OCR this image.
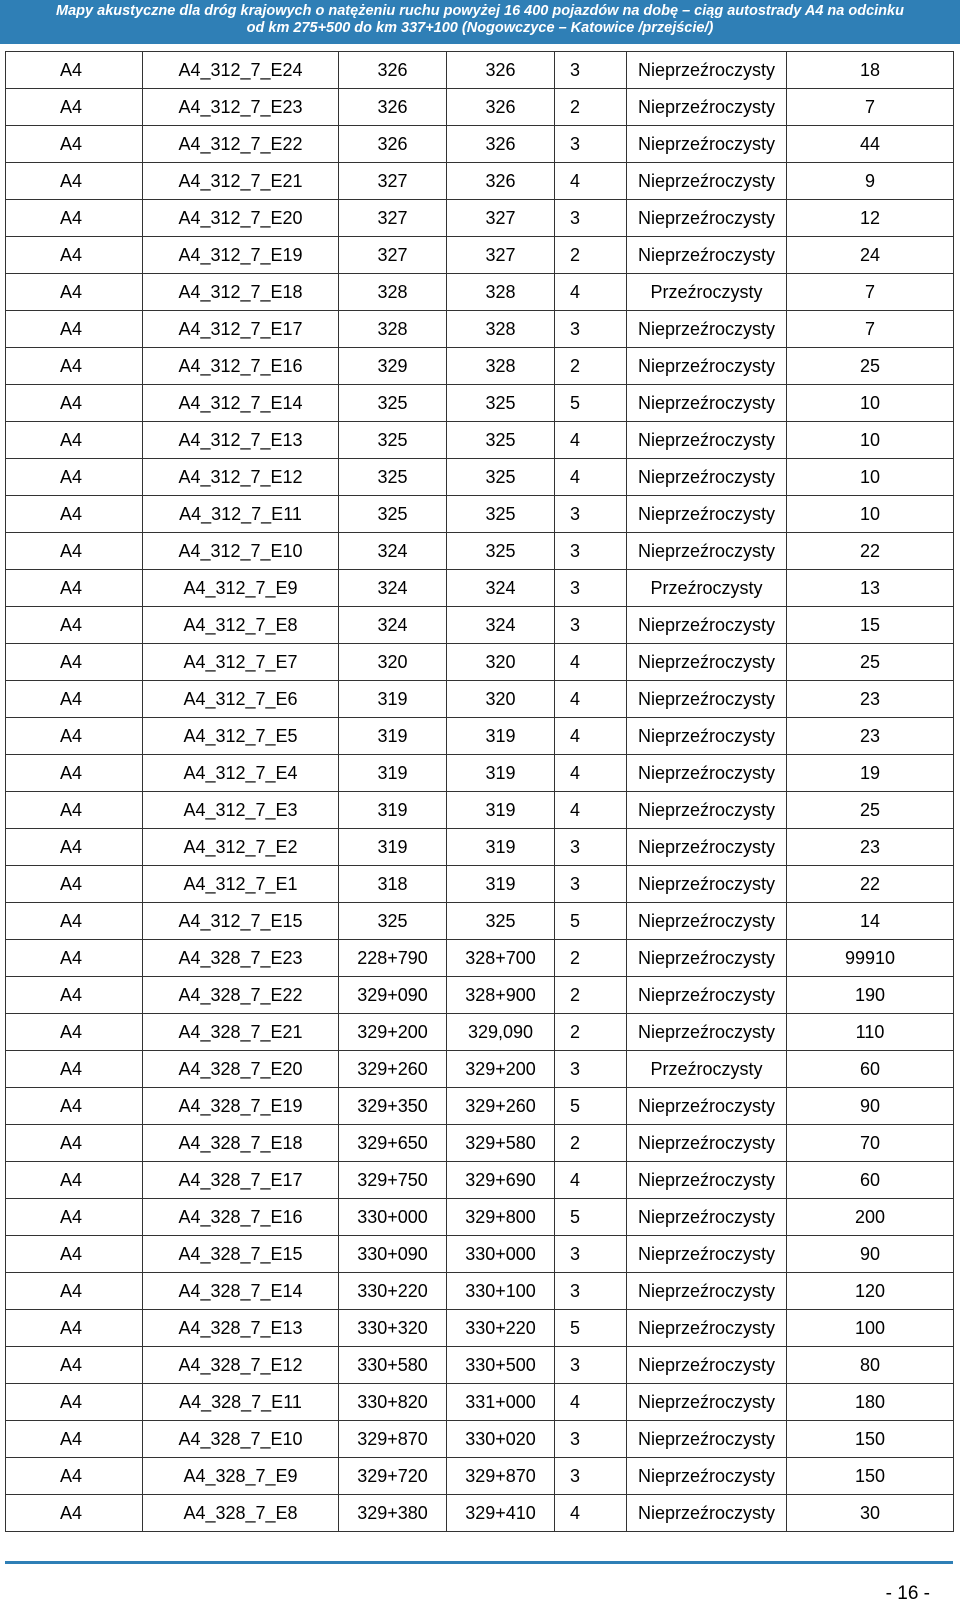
Mapy akustyczne dla dróg krajowych o natężeniu ruchu powyżej 16 400 pojazdów na dobę – ciąg autostrady A4 na odcinku
od km 275+500 do km 337+100 (Nogowczyce – Katowice /przejście/)
A4	A4_312_7_E24	326	326	3	Nieprzeźroczysty	18
A4	A4_312_7_E23	326	326	2	Nieprzeźroczysty	7
A4	A4_312_7_E22	326	326	3	Nieprzeźroczysty	44
A4	A4_312_7_E21	327	326	4	Nieprzeźroczysty	9
A4	A4_312_7_E20	327	327	3	Nieprzeźroczysty	12
A4	A4_312_7_E19	327	327	2	Nieprzeźroczysty	24
A4	A4_312_7_E18	328	328	4	Przeźroczysty	7
A4	A4_312_7_E17	328	328	3	Nieprzeźroczysty	7
A4	A4_312_7_E16	329	328	2	Nieprzeźroczysty	25
A4	A4_312_7_E14	325	325	5	Nieprzeźroczysty	10
A4	A4_312_7_E13	325	325	4	Nieprzeźroczysty	10
A4	A4_312_7_E12	325	325	4	Nieprzeźroczysty	10
A4	A4_312_7_E11	325	325	3	Nieprzeźroczysty	10
A4	A4_312_7_E10	324	325	3	Nieprzeźroczysty	22
A4	A4_312_7_E9	324	324	3	Przeźroczysty	13
A4	A4_312_7_E8	324	324	3	Nieprzeźroczysty	15
A4	A4_312_7_E7	320	320	4	Nieprzeźroczysty	25
A4	A4_312_7_E6	319	320	4	Nieprzeźroczysty	23
A4	A4_312_7_E5	319	319	4	Nieprzeźroczysty	23
A4	A4_312_7_E4	319	319	4	Nieprzeźroczysty	19
A4	A4_312_7_E3	319	319	4	Nieprzeźroczysty	25
A4	A4_312_7_E2	319	319	3	Nieprzeźroczysty	23
A4	A4_312_7_E1	318	319	3	Nieprzeźroczysty	22
A4	A4_312_7_E15	325	325	5	Nieprzeźroczysty	14
A4	A4_328_7_E23	228+790	328+700	2	Nieprzeźroczysty	99910
A4	A4_328_7_E22	329+090	328+900	2	Nieprzeźroczysty	190
A4	A4_328_7_E21	329+200	329,090	2	Nieprzeźroczysty	110
A4	A4_328_7_E20	329+260	329+200	3	Przeźroczysty	60
A4	A4_328_7_E19	329+350	329+260	5	Nieprzeźroczysty	90
A4	A4_328_7_E18	329+650	329+580	2	Nieprzeźroczysty	70
A4	A4_328_7_E17	329+750	329+690	4	Nieprzeźroczysty	60
A4	A4_328_7_E16	330+000	329+800	5	Nieprzeźroczysty	200
A4	A4_328_7_E15	330+090	330+000	3	Nieprzeźroczysty	90
A4	A4_328_7_E14	330+220	330+100	3	Nieprzeźroczysty	120
A4	A4_328_7_E13	330+320	330+220	5	Nieprzeźroczysty	100
A4	A4_328_7_E12	330+580	330+500	3	Nieprzeźroczysty	80
A4	A4_328_7_E11	330+820	331+000	4	Nieprzeźroczysty	180
A4	A4_328_7_E10	329+870	330+020	3	Nieprzeźroczysty	150
A4	A4_328_7_E9	329+720	329+870	3	Nieprzeźroczysty	150
A4	A4_328_7_E8	329+380	329+410	4	Nieprzeźroczysty	30
- 16 -
